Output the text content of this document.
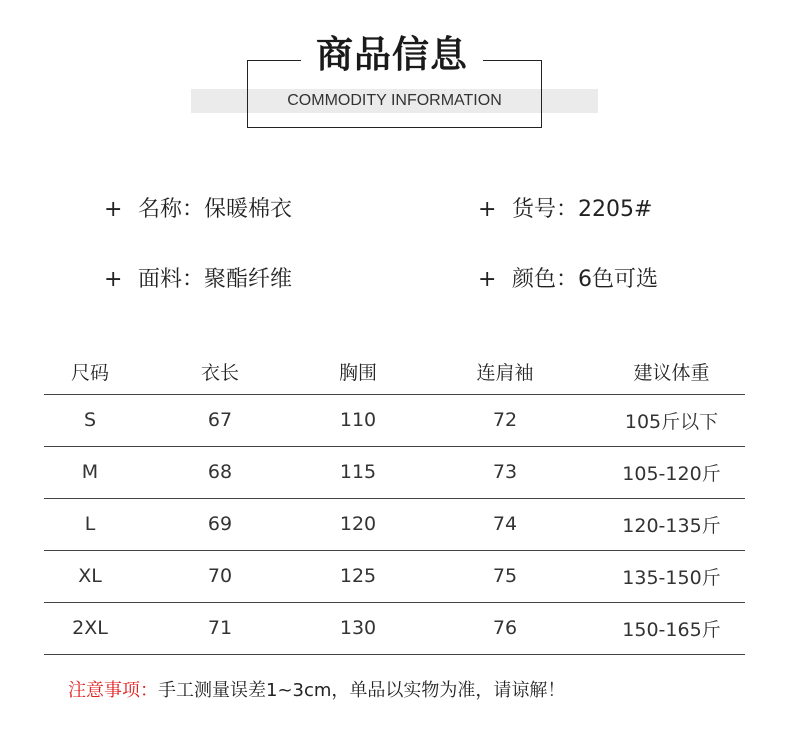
商品信息
COMMODITY INFORMATION
+ 名称：保暖棉衣	+ 货号：2205#
+ 面料：聚酯纤维	+ 颜色：6色可选
尺码	衣长	胸围	连肩袖	建议体重
S	67	110	72	105斤以下
M	68	115	73	105-120斤
L	69	120	74	120-135斤
XL	70	125	75	135-150斤
2XL	71	130	76	150-165斤
注意事项：手工测量误差1~3cm，单品以实物为准，请谅解！
